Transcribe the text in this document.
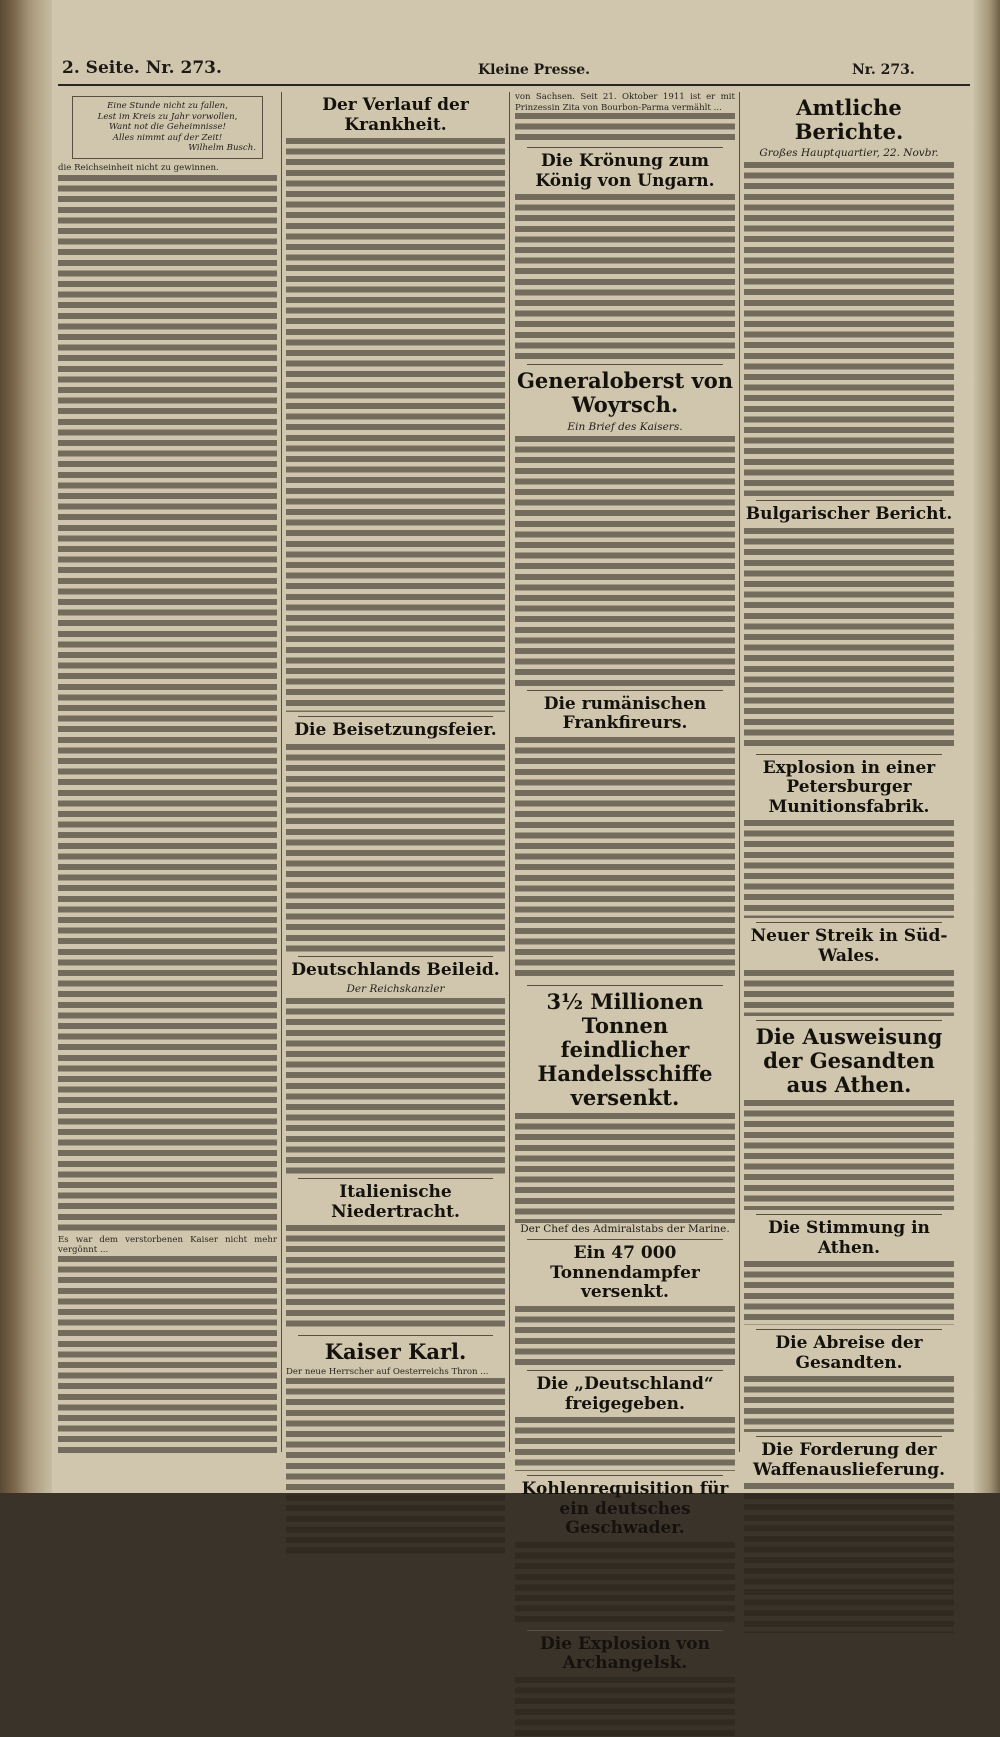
2. Seite. Nr. 273.	Kleine Presse.	Nr. 273.
Eine Stunde nicht zu fallen,
Lest im Kreis zu Jahr vorwollen,
Want not die Geheimnisse!
Alles nimmt auf der Zeit!
Wilhelm Busch.
die Reichseinheit nicht zu gewinnen.
Es war dem verstorbenen Kaiser nicht mehr vergönnt ...
Der Verlauf der Krankheit.
Die Beisetzungsfeier.
Deutschlands Beileid.
Der Reichskanzler
Italienische Niedertracht.
Kaiser Karl.
Der neue Herrscher auf Oesterreichs Thron ...
von Sachsen. Seit 21. Oktober 1911 ist er mit Prinzessin Zita von Bourbon-Parma vermählt ...
Die Krönung zum König von Ungarn.
Generaloberst von Woyrsch.
Ein Brief des Kaisers.
Die rumänischen Frankfireurs.
3½ Millionen Tonnen feindlicher Handelsschiffe versenkt.
Der Chef des Admiralstabs der Marine.
Ein 47 000 Tonnendampfer versenkt.
Die „Deutschland“ freigegeben.
Kohlenrequisition für ein deutsches Geschwader.
Die Explosion von Archangelsk.
Amtliche Berichte.
Großes Hauptquartier, 22. Novbr.
Bulgarischer Bericht.
Explosion in einer Petersburger Munitionsfabrik.
Neuer Streik in Süd-Wales.
Die Ausweisung der Gesandten aus Athen.
Die Stimmung in Athen.
Die Abreise der Gesandten.
Die Forderung der Waffenauslieferung.
